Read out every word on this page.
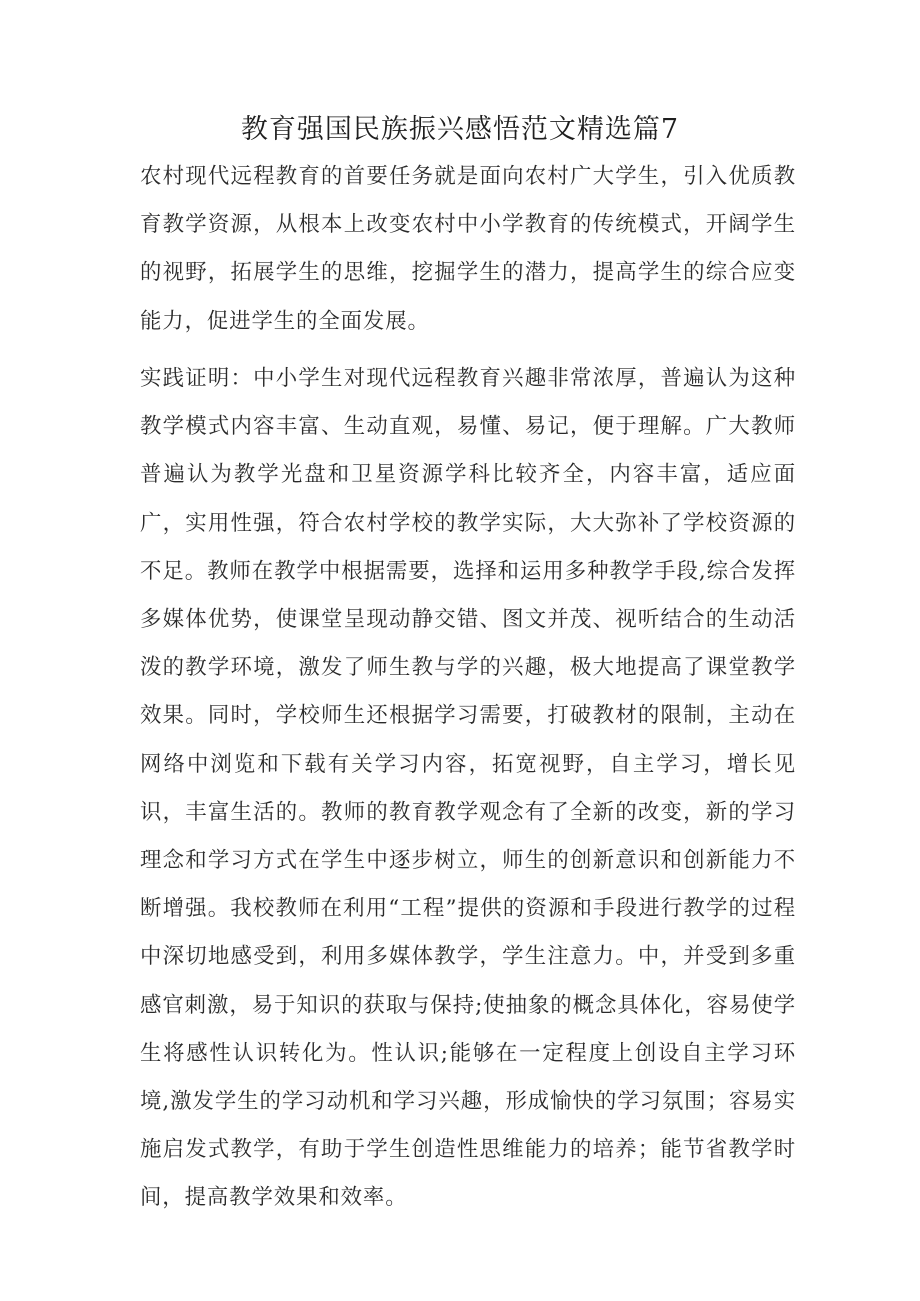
教育强国民族振兴感悟范文精选篇7

农村现代远程教育的首要任务就是面向农村广大学生，引入优质教育教学资源，从根本上改变农村中小学教育的传统模式，开阔学生的视野，拓展学生的思维，挖掘学生的潜力，提高学生的综合应变能力，促进学生的全面发展。

实践证明：中小学生对现代远程教育兴趣非常浓厚，普遍认为这种教学模式内容丰富、生动直观，易懂、易记，便于理解。广大教师普遍认为教学光盘和卫星资源学科比较齐全，内容丰富，适应面广，实用性强，符合农村学校的教学实际，大大弥补了学校资源的不足。教师在教学中根据需要，选择和运用多种教学手段,综合发挥多媒体优势，使课堂呈现动静交错、图文并茂、视听结合的生动活泼的教学环境，激发了师生教与学的兴趣，极大地提高了课堂教学效果。同时，学校师生还根据学习需要，打破教材的限制，主动在网络中浏览和下载有关学习内容，拓宽视野，自主学习，增长见识，丰富生活的。教师的教育教学观念有了全新的改变，新的学习理念和学习方式在学生中逐步树立，师生的创新意识和创新能力不断增强。我校教师在利用“工程”提供的资源和手段进行教学的过程中深切地感受到，利用多媒体教学，学生注意力。中，并受到多重感官刺激，易于知识的获取与保持;使抽象的概念具体化，容易使学生将感性认识转化为。性认识;能够在一定程度上创设自主学习环境,激发学生的学习动机和学习兴趣，形成愉快的学习氛围；容易实施启发式教学，有助于学生创造性思维能力的培养；能节省教学时间，提高教学效果和效率。
